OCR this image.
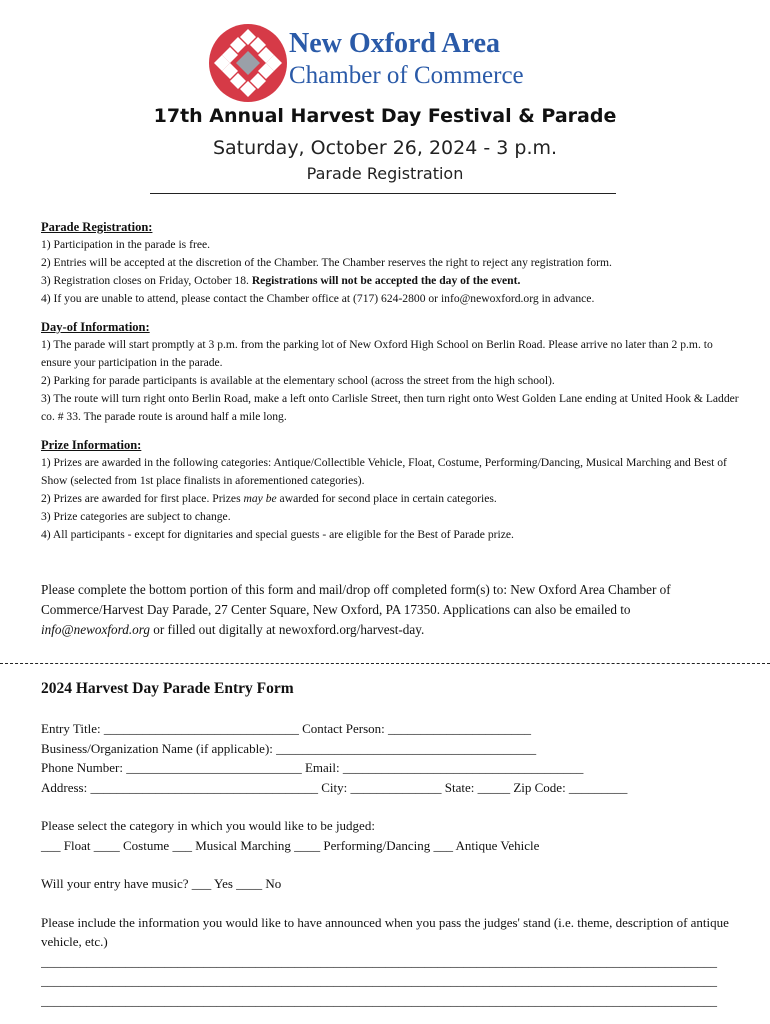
New Oxford Area
Chamber of Commerce
17th Annual Harvest Day Festival & Parade
Saturday, October 26, 2024 - 3 p.m.
Parade Registration

Parade Registration:

1) Participation in the parade is free.

2) Entries will be accepted at the discretion of the Chamber. The Chamber reserves the right to reject any registration form.

3) Registration closes on Friday, October 18. Registrations will not be accepted the day of the event.

4) If you are unable to attend, please contact the Chamber office at (717) 624-2800 or info@newoxford.org in advance.

Day-of Information:

1) The parade will start promptly at 3 p.m. from the parking lot of New Oxford High School on Berlin Road. Please arrive no later than 2 p.m. to ensure your participation in the parade.

2) Parking for parade participants is available at the elementary school (across the street from the high school).

3) The route will turn right onto Berlin Road, make a left onto Carlisle Street, then turn right onto West Golden Lane ending at United Hook & Ladder co. # 33. The parade route is around half a mile long.

Prize Information:

1) Prizes are awarded in the following categories: Antique/Collectible Vehicle, Float, Costume, Performing/Dancing, Musical Marching and Best of Show (selected from 1st place finalists in aforementioned categories).

2) Prizes are awarded for first place. Prizes may be awarded for second place in certain categories.

3) Prize categories are subject to change.

4) All participants - except for dignitaries and special guests - are eligible for the Best of Parade prize.

Please complete the bottom portion of this form and mail/drop off completed form(s) to: New Oxford Area Chamber of Commerce/Harvest Day Parade, 27 Center Square, New Oxford, PA 17350. Applications can also be emailed to info@newoxford.org or filled out digitally at newoxford.org/harvest-day.
2024 Harvest Day Parade Entry Form

Entry Title: ______________________________ Contact Person: ______________________

Business/Organization Name (if applicable): ________________________________________

Phone Number: ___________________________ Email: _____________________________________

Address: ___________________________________ City: ______________ State: _____ Zip Code: _________

Please select the category in which you would like to be judged:

___ Float ____ Costume ___ Musical Marching ____ Performing/Dancing ___ Antique Vehicle

Will your entry have music? ___ Yes ____ No

Please include the information you would like to have announced when you pass the judges' stand (i.e. theme, description of antique vehicle, etc.)

________________________________________________________________________________________________________

________________________________________________________________________________________________________

________________________________________________________________________________________________________
